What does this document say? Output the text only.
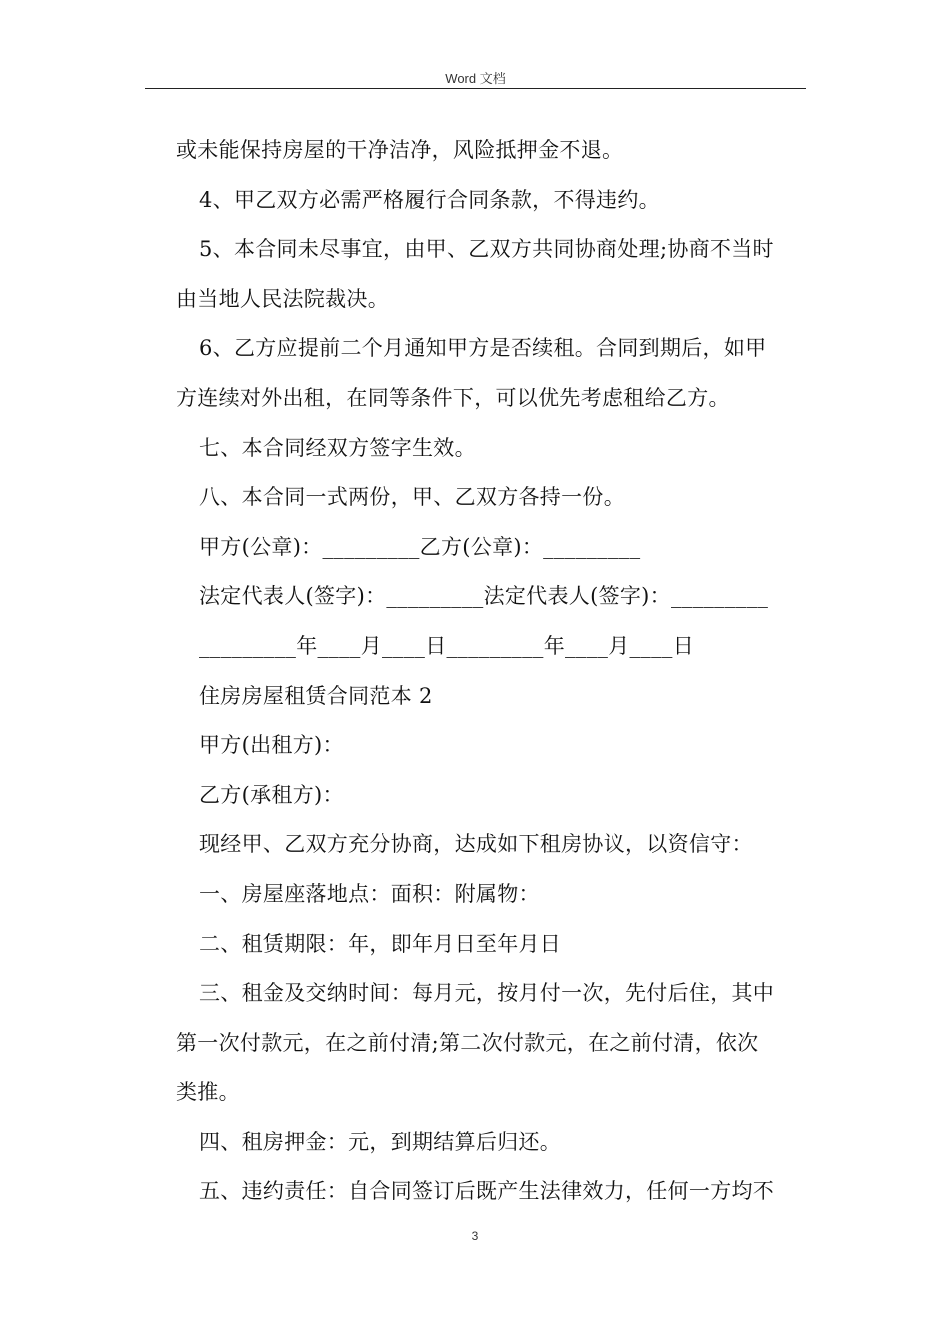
Word 文档
或未能保持房屋的干净洁净，风险抵押金不退。
4、甲乙双方必需严格履行合同条款，不得违约。
5、本合同未尽事宜，由甲、乙双方共同协商处理;协商不当时
由当地人民法院裁决。
6、乙方应提前二个月通知甲方是否续租。合同到期后，如甲
方连续对外出租，在同等条件下，可以优先考虑租给乙方。
七、本合同经双方签字生效。
八、本合同一式两份，甲、乙双方各持一份。
甲方(公章)：_________乙方(公章)：_________
法定代表人(签字)：_________法定代表人(签字)：_________
_________年____月____日_________年____月____日
住房房屋租赁合同范本 2
甲方(出租方)：
乙方(承租方)：
现经甲、乙双方充分协商，达成如下租房协议，以资信守：
一、房屋座落地点：面积：附属物：
二、租赁期限：年，即年月日至年月日
三、租金及交纳时间：每月元，按月付一次，先付后住，其中
第一次付款元，在之前付清;第二次付款元，在之前付清，依次
类推。
四、租房押金：元，到期结算后归还。
五、违约责任：自合同签订后既产生法律效力，任何一方均不
3
